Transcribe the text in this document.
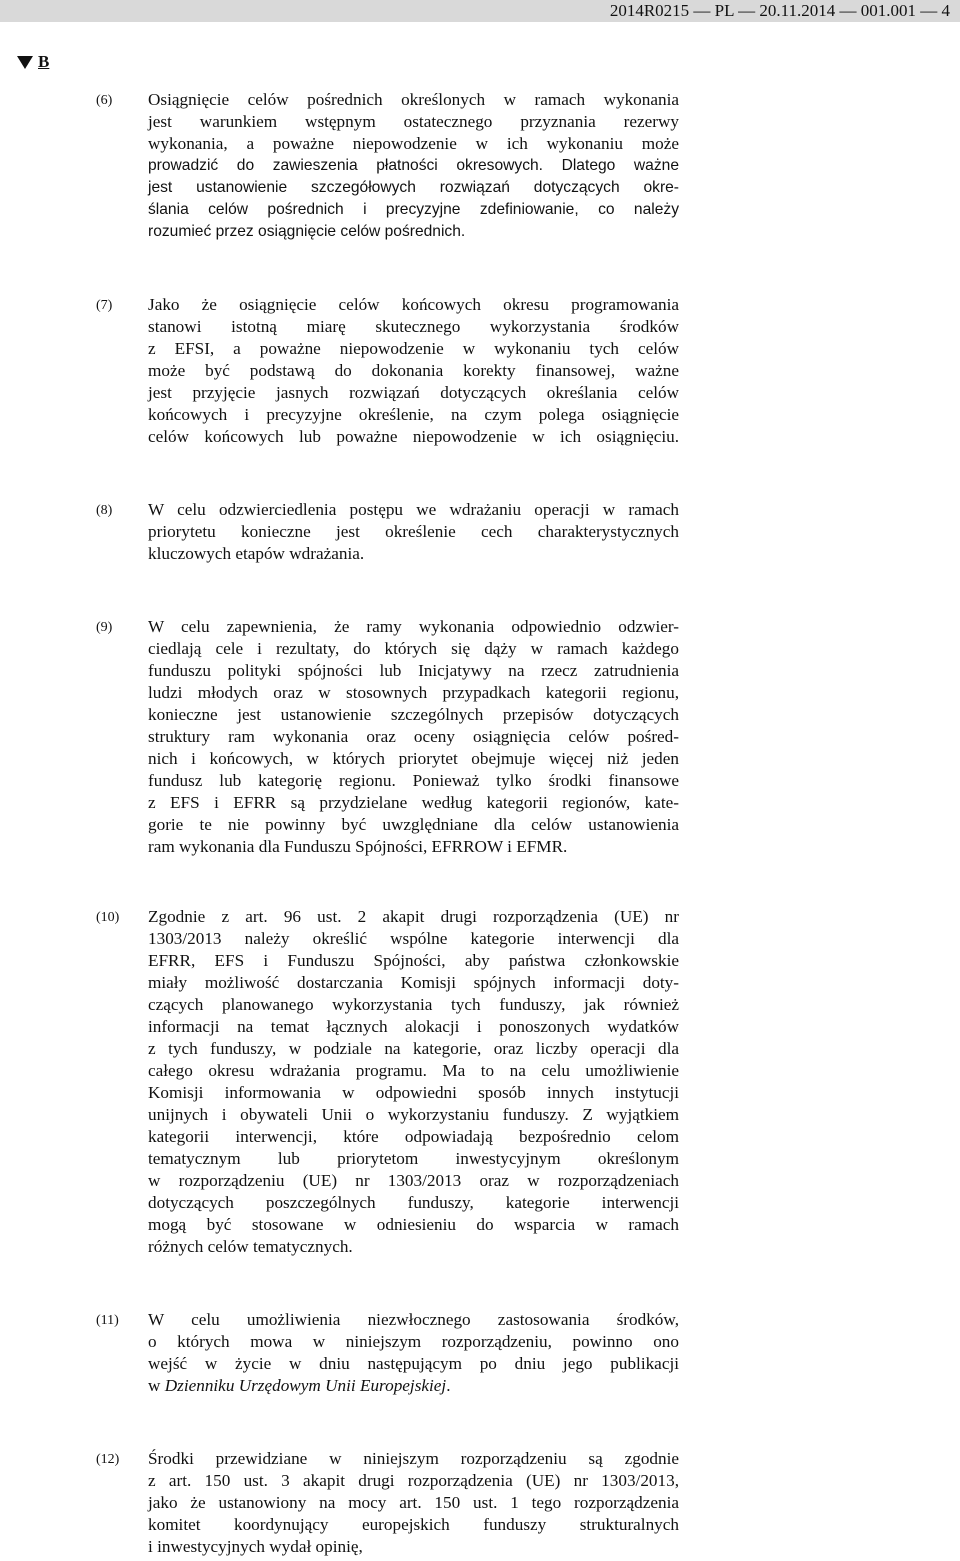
2014R0215 — PL — 20.11.2014 — 001.001 — 4
B
(6) Osiągnięcie celów pośrednich określonych w ramach wykonania
jest warunkiem wstępnym ostatecznego przyznania rezerwy
wykonania, a poważne niepowodzenie w ich wykonaniu może
prowadzić do zawieszenia płatności okresowych. Dlatego ważne
jest ustanowienie szczegółowych rozwiązań dotyczących okre-
ślania celów pośrednich i precyzyjne zdefiniowanie, co należy
rozumieć przez osiągnięcie celów pośrednich.
(7) Jako że osiągnięcie celów końcowych okresu programowania
stanowi istotną miarę skutecznego wykorzystania środków
z EFSI, a poważne niepowodzenie w wykonaniu tych celów
może być podstawą do dokonania korekty finansowej, ważne
jest przyjęcie jasnych rozwiązań dotyczących określania celów
końcowych i precyzyjne określenie, na czym polega osiągnięcie
celów końcowych lub poważne niepowodzenie w ich osiągnięciu.
(8) W celu odzwierciedlenia postępu we wdrażaniu operacji w ramach
priorytetu konieczne jest określenie cech charakterystycznych
kluczowych etapów wdrażania.
(9) W celu zapewnienia, że ramy wykonania odpowiednio odzwier-
ciedlają cele i rezultaty, do których się dąży w ramach każdego
funduszu polityki spójności lub Inicjatywy na rzecz zatrudnienia
ludzi młodych oraz w stosownych przypadkach kategorii regionu,
konieczne jest ustanowienie szczególnych przepisów dotyczących
struktury ram wykonania oraz oceny osiągnięcia celów pośred-
nich i końcowych, w których priorytet obejmuje więcej niż jeden
fundusz lub kategorię regionu. Ponieważ tylko środki finansowe
z EFS i EFRR są przydzielane według kategorii regionów, kate-
gorie te nie powinny być uwzględniane dla celów ustanowienia
ram wykonania dla Funduszu Spójności, EFRROW i EFMR.
(10) Zgodnie z art. 96 ust. 2 akapit drugi rozporządzenia (UE) nr
1303/2013 należy określić wspólne kategorie interwencji dla
EFRR, EFS i Funduszu Spójności, aby państwa członkowskie
miały możliwość dostarczania Komisji spójnych informacji doty-
czących planowanego wykorzystania tych funduszy, jak również
informacji na temat łącznych alokacji i ponoszonych wydatków
z tych funduszy, w podziale na kategorie, oraz liczby operacji dla
całego okresu wdrażania programu. Ma to na celu umożliwienie
Komisji informowania w odpowiedni sposób innych instytucji
unijnych i obywateli Unii o wykorzystaniu funduszy. Z wyjątkiem
kategorii interwencji, które odpowiadają bezpośrednio celom
tematycznym lub priorytetom inwestycyjnym określonym
w rozporządzeniu (UE) nr 1303/2013 oraz w rozporządzeniach
dotyczących poszczególnych funduszy, kategorie interwencji
mogą być stosowane w odniesieniu do wsparcia w ramach
różnych celów tematycznych.
(11) W celu umożliwienia niezwłocznego zastosowania środków,
o których mowa w niniejszym rozporządzeniu, powinno ono
wejść w życie w dniu następującym po dniu jego publikacji
w Dzienniku Urzędowym Unii Europejskiej.
(12) Środki przewidziane w niniejszym rozporządzeniu są zgodnie
z art. 150 ust. 3 akapit drugi rozporządzenia (UE) nr 1303/2013,
jako że ustanowiony na mocy art. 150 ust. 1 tego rozporządzenia
komitet koordynujący europejskich funduszy strukturalnych
i inwestycyjnych wydał opinię,
